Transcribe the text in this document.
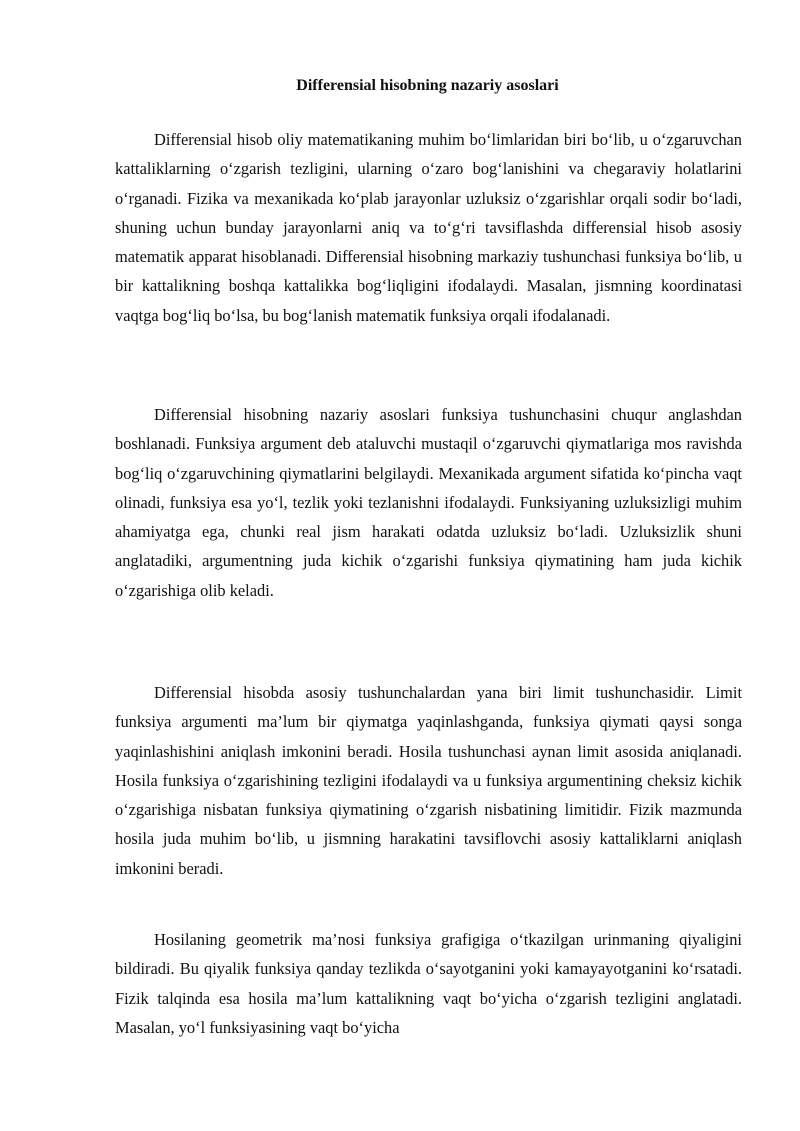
Differensial hisobning nazariy asoslari

Differensial hisob oliy matematikaning muhim bo‘limlaridan biri bo‘lib, u o‘zgaruvchan kattaliklarning o‘zgarish tezligini, ularning o‘zaro bog‘lanishini va chegaraviy holatlarini o‘rganadi. Fizika va mexanikada ko‘plab jarayonlar uzluksiz o‘zgarishlar orqali sodir bo‘ladi, shuning uchun bunday jarayonlarni aniq va to‘g‘ri tavsiflashda differensial hisob asosiy matematik apparat hisoblanadi. Differensial hisobning markaziy tushunchasi funksiya bo‘lib, u bir kattalikning boshqa kattalikka bog‘liqligini ifodalaydi. Masalan, jismning koordinatasi vaqtga bog‘liq bo‘lsa, bu bog‘lanish matematik funksiya orqali ifodalanadi.

Differensial hisobning nazariy asoslari funksiya tushunchasini chuqur anglashdan boshlanadi. Funksiya argument deb ataluvchi mustaqil o‘zgaruvchi qiymatlariga mos ravishda bog‘liq o‘zgaruvchining qiymatlarini belgilaydi. Mexanikada argument sifatida ko‘pincha vaqt olinadi, funksiya esa yo‘l, tezlik yoki tezlanishni ifodalaydi. Funksiyaning uzluksizligi muhim ahamiyatga ega, chunki real jism harakati odatda uzluksiz bo‘ladi. Uzluksizlik shuni anglatadiki, argumentning juda kichik o‘zgarishi funksiya qiymatining ham juda kichik o‘zgarishiga olib keladi.

Differensial hisobda asosiy tushunchalardan yana biri limit tushunchasidir. Limit funksiya argumenti ma’lum bir qiymatga yaqinlashganda, funksiya qiymati qaysi songa yaqinlashishini aniqlash imkonini beradi. Hosila tushunchasi aynan limit asosida aniqlanadi. Hosila funksiya o‘zgarishining tezligini ifodalaydi va u funksiya argumentining cheksiz kichik o‘zgarishiga nisbatan funksiya qiymatining o‘zgarish nisbatining limitidir. Fizik mazmunda hosila juda muhim bo‘lib, u jismning harakatini tavsiflovchi asosiy kattaliklarni aniqlash imkonini beradi.

Hosilaning geometrik ma’nosi funksiya grafigiga o‘tkazilgan urinmaning qiyaligini bildiradi. Bu qiyalik funksiya qanday tezlikda o‘sayotganini yoki kamayayotganini ko‘rsatadi. Fizik talqinda esa hosila ma’lum kattalikning vaqt bo‘yicha o‘zgarish tezligini anglatadi. Masalan, yo‘l funksiyasining vaqt bo‘yicha
